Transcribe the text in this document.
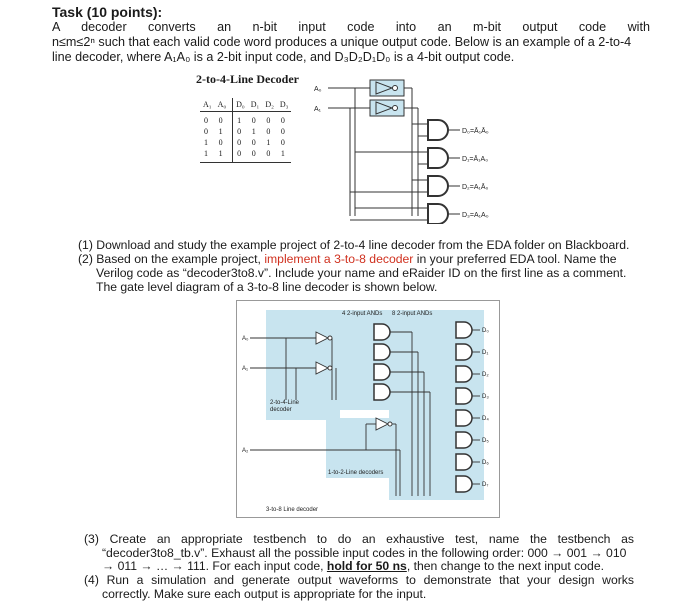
Task (10 points):
A decoder converts an n-bit input code into an m-bit output code with
n≤m≤2ⁿ such that each valid code word produces a unique output code. Below is an example of a 2-to-4
line decoder, where A₁A₀ is a 2-bit input code, and D₃D₂D₁D₀ is a 4-bit output code.
2-to-4-Line Decoder
A₁	A₀	D₀	D₁	D₂	D₃
0	0	1	0	0	0
0	1	0	1	0	0
1	0	0	0	1	0
1	1	0	0	0	1
A₀
A₁
D₀=Ā₁Ā₀
D₁=Ā₁A₀
D₂=A₁Ā₀
D₃=A₁A₀
(1) Download and study the example project of 2-to-4 line decoder from the EDA folder on Blackboard.
(2) Based on the example project, implement a 3-to-8 decoder in your preferred EDA tool. Name the
Verilog code as “decoder3to8.v”. Include your name and eRaider ID on the first line as a comment.
The gate level diagram of a 3-to-8 line decoder is shown below.
4 2-input ANDs 8 2-input ANDs
2-to-4-Line
decoder
1-to-2-Line decoders
3-to-8 Line decoder
A₀
A₁
A₂
D₀
D₁
D₂
D₃
D₄
D₅
D₆
D₇
(3) Create an appropriate testbench to do an exhaustive test, name the testbench as
“decoder3to8_tb.v”. Exhaust all the possible input codes in the following order: 000 → 001 → 010
→ 011 → … → 111. For each input code, hold for 50 ns, then change to the next input code.
(4) Run a simulation and generate output waveforms to demonstrate that your design works
correctly. Make sure each output is appropriate for the input.
